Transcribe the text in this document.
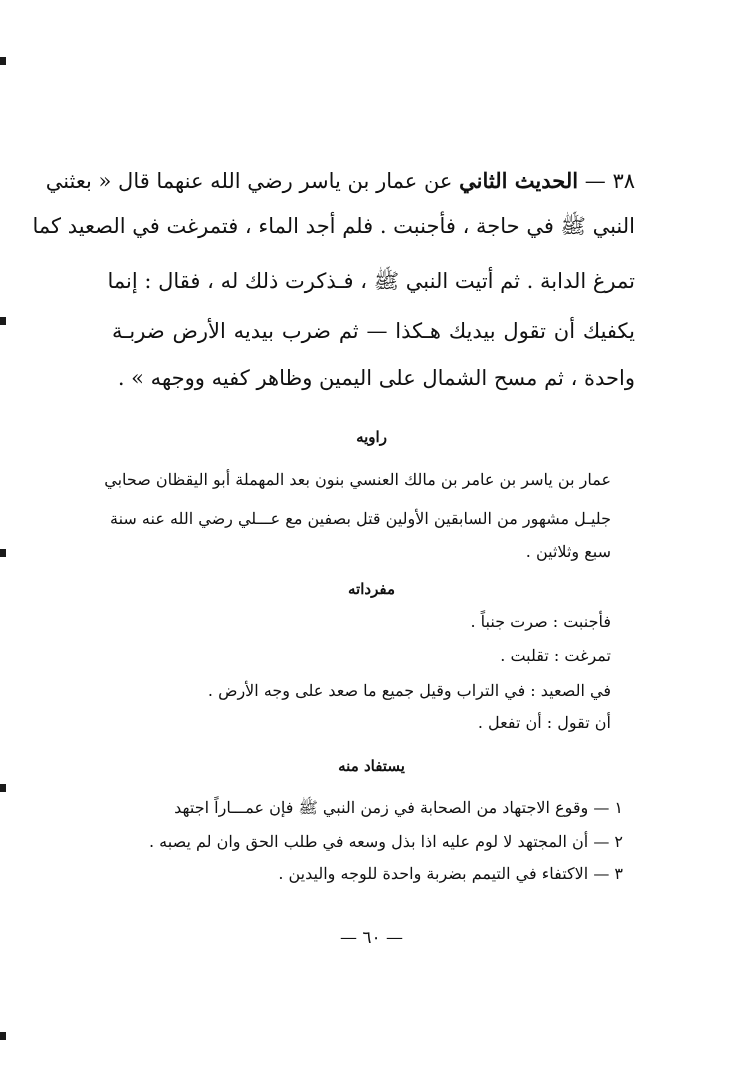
٣٨ — الحديث الثاني عن عمار بن ياسر رضي الله عنهما قال « بعثني
النبي ﷺ في حاجة ، فأجنبت . فلم أجد الماء ، فتمرغت في الصعيد كما
تمرغ الدابة . ثم أتيت النبي ﷺ ، فـذكرت ذلك له ، فقال : إنما
يكفيك أن تقول بيديك هـكذا — ثم ضرب بيديه الأرض ضربـة
واحدة ، ثم مسح الشمال على اليمين وظاهر كفيه ووجهه » .
راويه
عمار بن ياسر بن عامر بن مالك العنسي بنون بعد المهملة أبو اليقظان صحابي
جليـل مشهور من السابقين الأولين قتل بصفين مع عـــلي رضي الله عنه سنة
سبع وثلاثين .
مفرداته
فأجنبت : صرت جنباً .
تمرغت : تقلبت .
في الصعيد : في التراب وقيل جميع ما صعد على وجه الأرض .
أن تقول : أن تفعل .
يستفاد منه
١ — وقوع الاجتهاد من الصحابة في زمن النبي ﷺ فإن عمـــاراً اجتهد
٢ — أن المجتهد لا لوم عليه اذا بذل وسعه في طلب الحق وان لم يصبه .
٣ — الاكتفاء في التيمم بضربة واحدة للوجه واليدين .
— ٦٠ —
